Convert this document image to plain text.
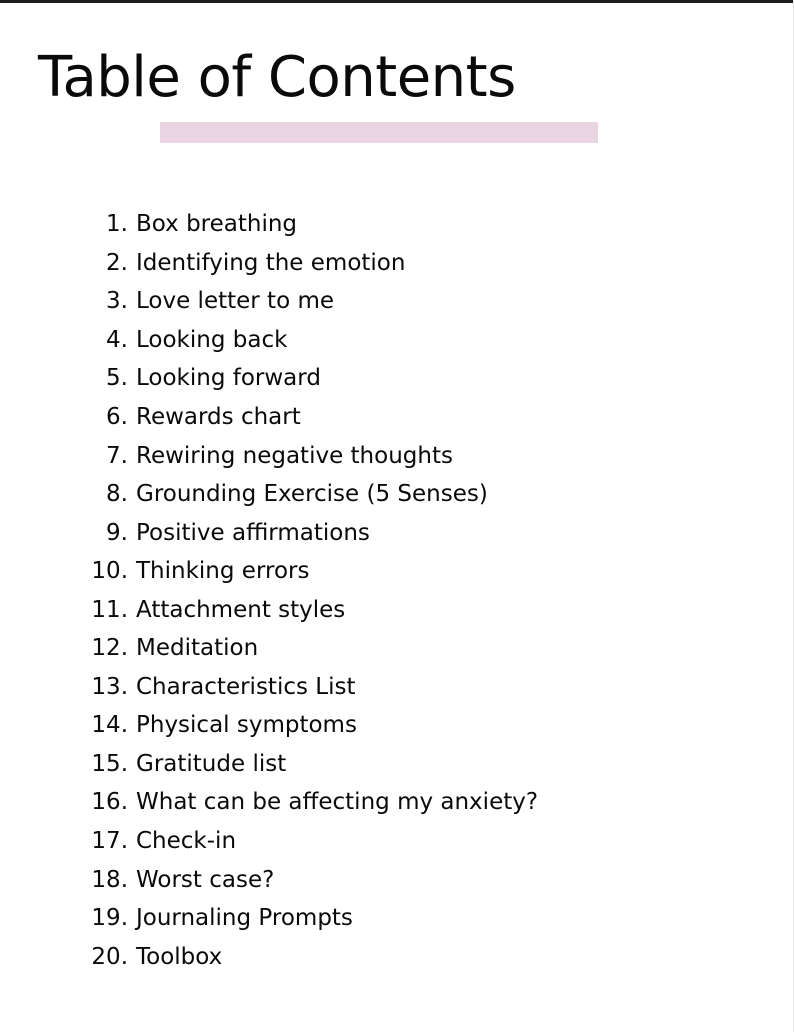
Table of Contents
1. Box breathing
2. Identifying the emotion
3. Love letter to me
4. Looking back
5. Looking forward
6. Rewards chart
7. Rewiring negative thoughts
8. Grounding Exercise (5 Senses)
9. Positive affirmations
10. Thinking errors
11. Attachment styles
12. Meditation
13. Characteristics List
14. Physical symptoms
15. Gratitude list
16. What can be affecting my anxiety?
17. Check-in
18. Worst case?
19. Journaling Prompts
20. Toolbox
